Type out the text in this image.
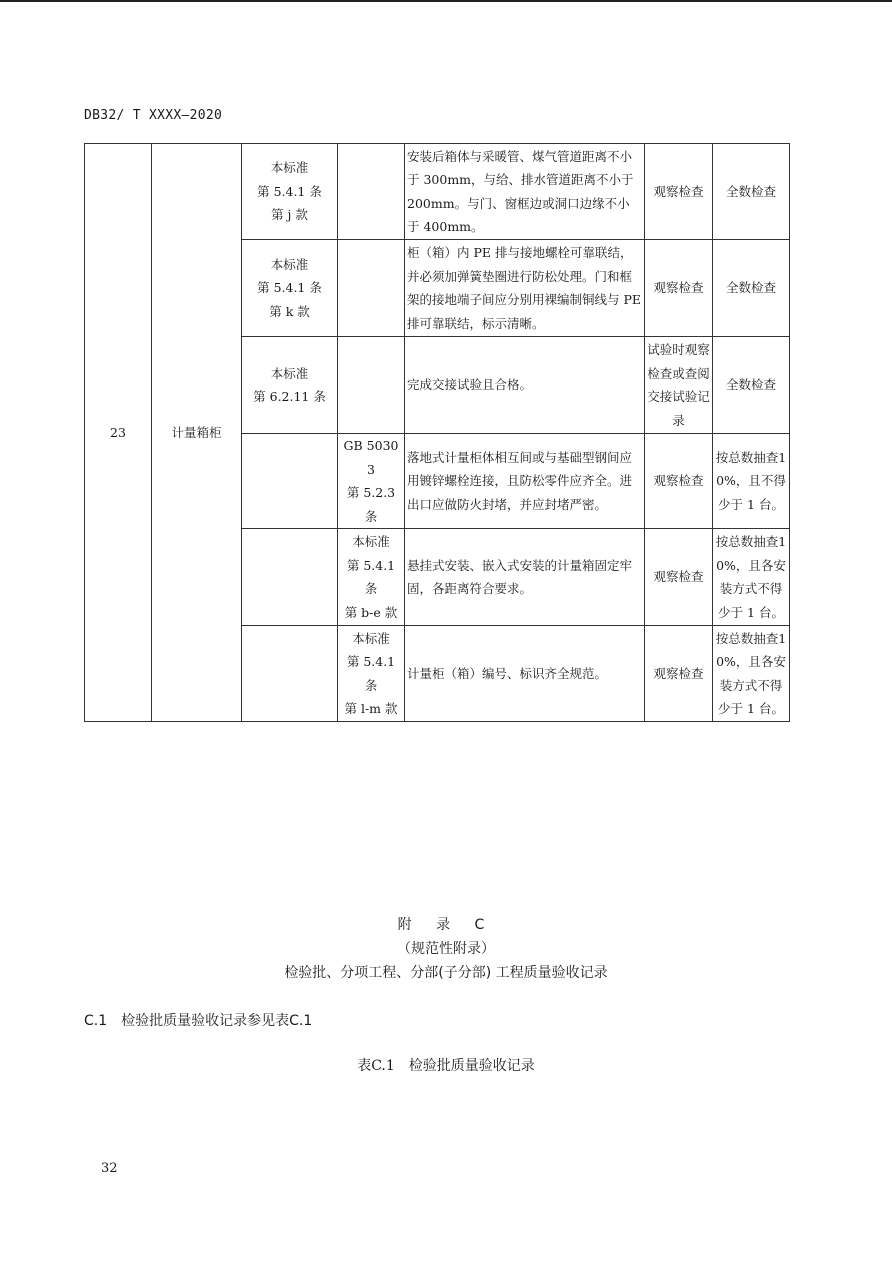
DB32/ T XXXX—2020
23	计量箱柜	本标准
第 5.4.1 条
第 j 款		安装后箱体与采暖管、煤气管道距离不小于 300mm，与给、排水管道距离不小于 200mm。与门、窗框边或洞口边缘不小于 400mm。	观察检查	全数检查
		本标准
第 5.4.1 条
第 k 款		柜（箱）内 PE 排与接地螺栓可靠联结，并必须加弹簧垫圈进行防松处理。门和框架的接地端子间应分别用裸编制铜线与 PE 排可靠联结，标示清晰。	观察检查	全数检查
		本标准
第 6.2.11 条		完成交接试验且合格。	试验时观察检查或查阅交接试验记录	全数检查
			GB 50303
第 5.2.3 条	落地式计量柜体相互间或与基础型钢间应用镀锌螺栓连接，且防松零件应齐全。进出口应做防火封堵，并应封堵严密。	观察检查	按总数抽查10%，且不得少于 1 台。
			本标准
第 5.4.1 条
第 b-e 款	悬挂式安装、嵌入式安装的计量箱固定牢固，各距离符合要求。	观察检查	按总数抽查10%，且各安装方式不得少于 1 台。
			本标准
第 5.4.1 条
第 l-m 款	计量柜（箱）编号、标识齐全规范。	观察检查	按总数抽查10%，且各安装方式不得少于 1 台。
附 录 C
（规范性附录）
检验批、分项工程、分部(子分部) 工程质量验收记录
C.1　检验批质量验收记录参见表C.1
表C.1　检验批质量验收记录
32
